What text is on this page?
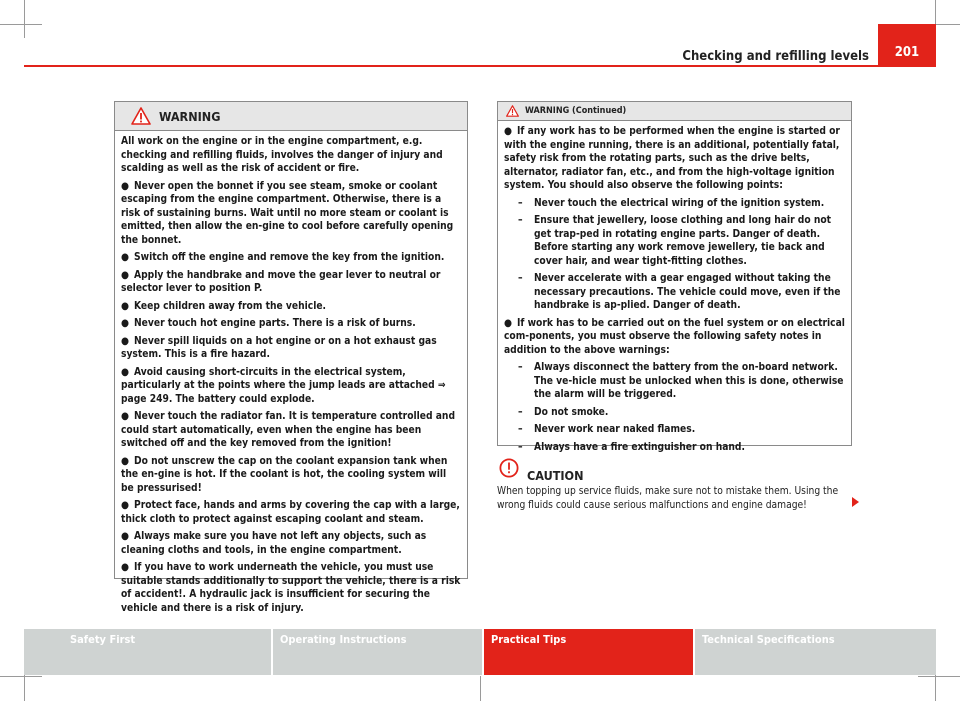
Checking and refilling levels	201
WARNING

All work on the engine or in the engine compartment, e.g. checking and refilling fluids, involves the danger of injury and scalding as well as the risk of accident or fire.

● Never open the bonnet if you see steam, smoke or coolant escaping from the engine compartment. Otherwise, there is a risk of sustaining burns. Wait until no more steam or coolant is emitted, then allow the en-gine to cool before carefully opening the bonnet.

● Switch off the engine and remove the key from the ignition.

● Apply the handbrake and move the gear lever to neutral or selector lever to position P.

● Keep children away from the vehicle.

● Never touch hot engine parts. There is a risk of burns.

● Never spill liquids on a hot engine or on a hot exhaust gas system. This is a fire hazard.

● Avoid causing short-circuits in the electrical system, particularly at the points where the jump leads are attached ⇒ page 249. The battery could explode.

● Never touch the radiator fan. It is temperature controlled and could start automatically, even when the engine has been switched off and the key removed from the ignition!

● Do not unscrew the cap on the coolant expansion tank when the en-gine is hot. If the coolant is hot, the cooling system will be pressurised!

● Protect face, hands and arms by covering the cap with a large, thick cloth to protect against escaping coolant and steam.

● Always make sure you have not left any objects, such as cleaning cloths and tools, in the engine compartment.

● If you have to work underneath the vehicle, you must use suitable stands additionally to support the vehicle, there is a risk of accident!. A hydraulic jack is insufficient for securing the vehicle and there is a risk of injury.

WARNING (Continued)

● If any work has to be performed when the engine is started or with the engine running, there is an additional, potentially fatal, safety risk from the rotating parts, such as the drive belts, alternator, radiator fan, etc., and from the high-voltage ignition system. You should also observe the following points:

–	Never touch the electrical wiring of the ignition system.
–	Ensure that jewellery, loose clothing and long hair do not get trap-ped in rotating engine parts. Danger of death. Before starting any work remove jewellery, tie back and cover hair, and wear tight-fitting clothes.
–	Never accelerate with a gear engaged without taking the necessary precautions. The vehicle could move, even if the handbrake is ap-plied. Danger of death.

● If work has to be carried out on the fuel system or on electrical com-ponents, you must observe the following safety notes in addition to the above warnings:

–	Always disconnect the battery from the on-board network. The ve-hicle must be unlocked when this is done, otherwise the alarm will be triggered.
–	Do not smoke.
–	Never work near naked flames.
–	Always have a fire extinguisher on hand.
CAUTION
When topping up service fluids, make sure not to mistake them. Using the wrong fluids could cause serious malfunctions and engine damage!
Safety First	Operating Instructions	Practical Tips	Technical Specifications
